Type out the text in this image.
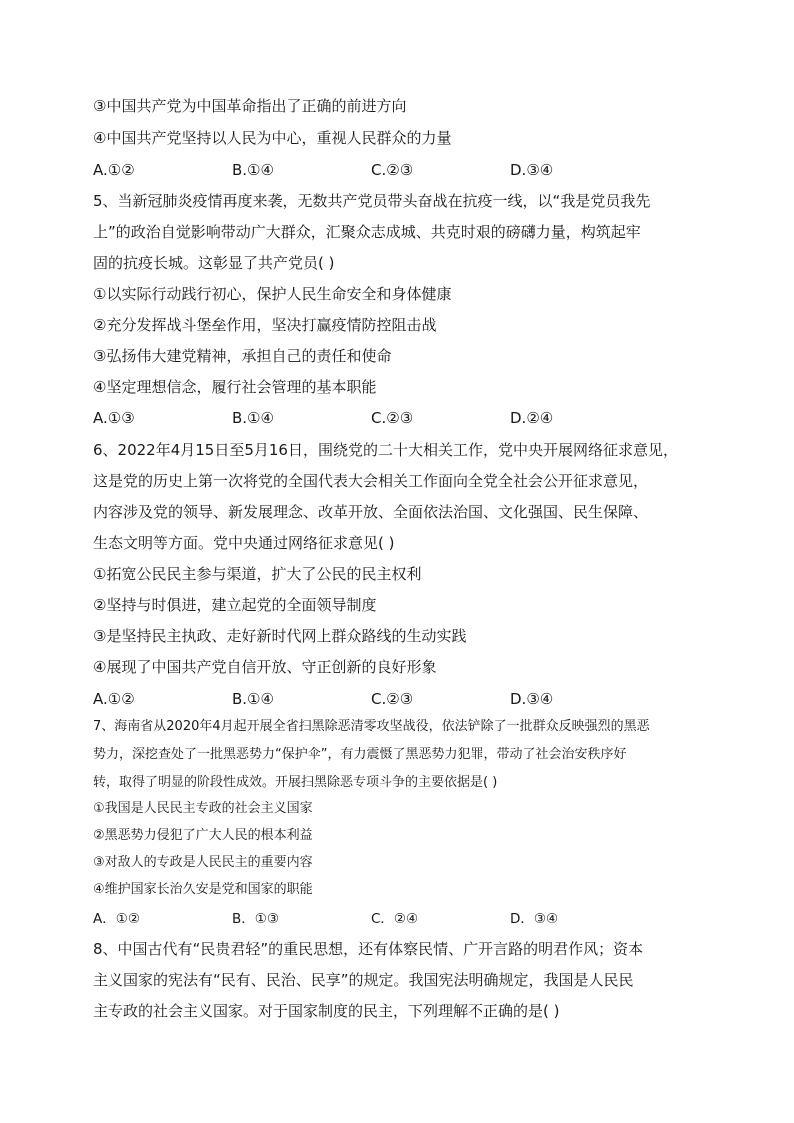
③中国共产党为中国革命指出了正确的前进方向
④中国共产党坚持以人民为中心，重视人民群众的力量
A.①②	B.①④	C.②③	D.③④
5、当新冠肺炎疫情再度来袭，无数共产党员带头奋战在抗疫一线，以“我是党员我先
上”的政治自觉影响带动广大群众，汇聚众志成城、共克时艰的磅礴力量，构筑起牢
固的抗疫长城。这彰显了共产党员( )
①以实际行动践行初心，保护人民生命安全和身体健康
②充分发挥战斗堡垒作用，坚决打赢疫情防控阻击战
③弘扬伟大建党精神，承担自己的责任和使命
④坚定理想信念，履行社会管理的基本职能
A.①③	B.①④	C.②③	D.②④
6、2022年4月15日至5月16日，围绕党的二十大相关工作，党中央开展网络征求意见，
这是党的历史上第一次将党的全国代表大会相关工作面向全党全社会公开征求意见，
内容涉及党的领导、新发展理念、改革开放、全面依法治国、文化强国、民生保障、
生态文明等方面。党中央通过网络征求意见( )
①拓宽公民民主参与渠道，扩大了公民的民主权利
②坚持与时俱进，建立起党的全面领导制度
③是坚持民主执政、走好新时代网上群众路线的生动实践
④展现了中国共产党自信开放、守正创新的良好形象
A.①②	B.①④	C.②③	D.③④
7、海南省从2020年4月起开展全省扫黑除恶清零攻坚战役，依法铲除了一批群众反映强烈的黑恶
势力，深挖查处了一批黑恶势力“保护伞”，有力震慑了黑恶势力犯罪，带动了社会治安秩序好
转，取得了明显的阶段性成效。开展扫黑除恶专项斗争的主要依据是( )
①我国是人民民主专政的社会主义国家
②黑恶势力侵犯了广大人民的根本利益
③对敌人的专政是人民民主的重要内容
④维护国家长治久安是党和国家的职能
A．①②	B．①③	C．②④	D．③④
8、中国古代有“民贵君轻”的重民思想，还有体察民情、广开言路的明君作风；资本
主义国家的宪法有“民有、民治、民享”的规定。我国宪法明确规定，我国是人民民
主专政的社会主义国家。对于国家制度的民主，下列理解不正确的是( )
